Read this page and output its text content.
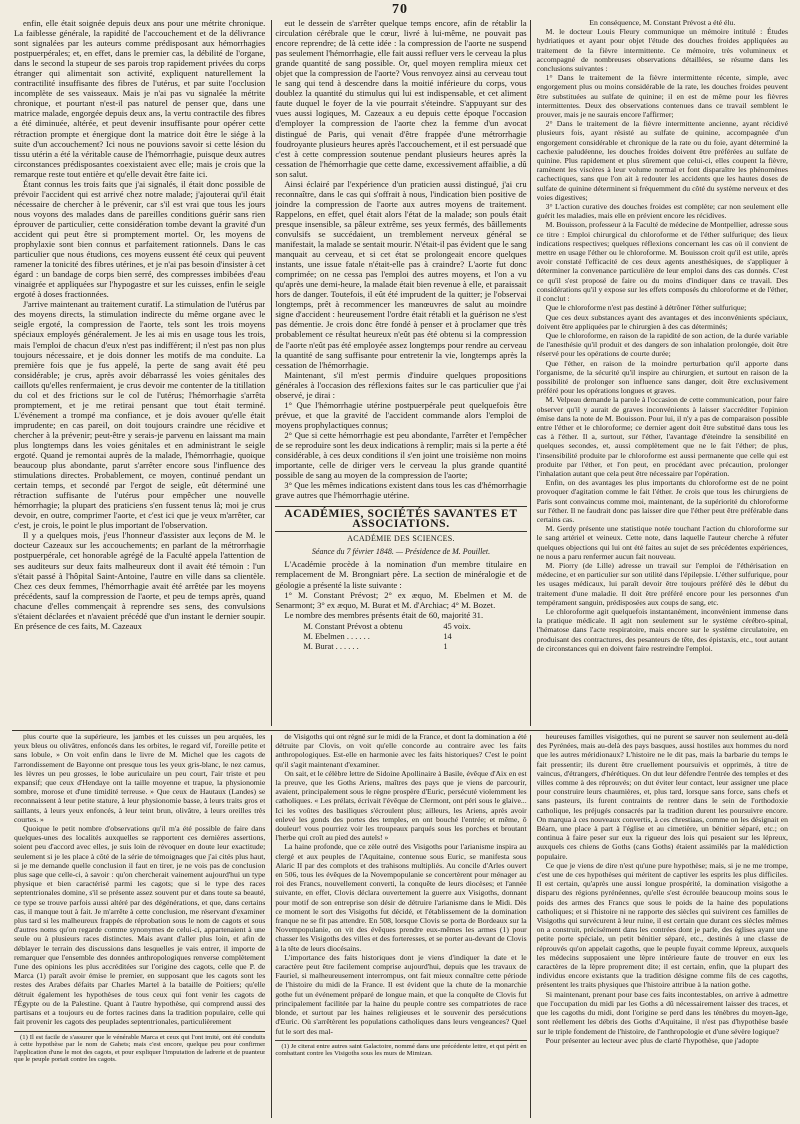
70

enfin, elle était soignée depuis deux ans pour une métrite chronique. La faiblesse générale, la rapidité de l'accouchement et de la délivrance sont signalées par les auteurs comme prédisposant aux hémorrhagies postpuerpérales; et, en effet, dans le premier cas, la débilité de l'organe, dans le second la stupeur de ses parois trop rapidement privées du corps étranger qui alimentait son activité, expliquent naturellement la contractilité insuffisante des fibres de l'utérus, et par suite l'occlusion incomplète de ses vaisseaux. Mais je n'ai pas vu signalée la métrite chronique, et pourtant n'est-il pas naturel de penser que, dans une matrice malade, engorgée depuis deux ans, la vertu contractile des fibres a été diminuée, altérée, et peut devenir insuffisante pour opérer cette rétraction prompte et énergique dont la matrice doit être le siége à la suite d'un accouchement? Ici nous ne pouvions savoir si cette lésion du tissu utérin a été la véritable cause de l'hémorrhagie, puisque deux autres circonstances prédisposantes coexistaient avec elle; mais je crois que la remarque reste tout entière et qu'elle devait être faite ici.

Étant connus les trois faits que j'ai signalés, il était donc possible de prévoir l'accident qui est arrivé chez notre malade; j'ajouterai qu'il était nécessaire de chercher à le prévenir, car s'il est vrai que tous les jours nous voyons des malades dans de pareilles conditions guérir sans rien éprouver de particulier, cette considération tombe devant la gravité d'un accident qui peut être si promptement mortel. Or, les moyens de prophylaxie sont bien connus et parfaitement rationnels. Dans le cas particulier que nous étudions, ces moyens eussent été ceux qui peuvent ramener la tonicité des fibres utérines, et je n'ai pas besoin d'insister à cet égard : un bandage de corps bien serré, des compresses imbibées d'eau vinaigrée et appliquées sur l'hypogastre et sur les cuisses, enfin le seigle ergoté à doses fractionnées.

J'arrive maintenant au traitement curatif. La stimulation de l'utérus par des moyens directs, la stimulation indirecte du même organe avec le seigle ergoté, la compression de l'aorte, tels sont les trois moyens spéciaux employés généralement. Je les ai mis en usage tous les trois, mais l'emploi de chacun d'eux n'est pas indifférent; il n'est pas non plus toujours nécessaire, et je dois donner les motifs de ma conduite. La première fois que je fus appelé, la perte de sang avait été peu considérable; je crus, après avoir débarrassé les voies génitales des caillots qu'elles renfermaient, je crus devoir me contenter de la titillation du col et des frictions sur le col de l'utérus; l'hémorrhagie s'arrêta promptement, et je me retirai pensant que tout était terminé. L'événement a trompé ma confiance, et je dois avouer qu'elle était imprudente; en cas pareil, on doit toujours craindre une récidive et chercher à la prévenir; peut-être y serais-je parvenu en laissant ma main plus longtemps dans les voies génitales et en administrant le seigle ergoté. Quand je remontai auprès de la malade, l'hémorrhagie, quoique beaucoup plus abondante, parut s'arrêter encore sous l'influence des stimulations directes. Probablement, ce moyen, continué pendant un certain temps, et secondé par l'ergot de seigle, eût déterminé une rétraction suffisante de l'utérus pour empêcher une nouvelle hémorrhagie; la plupart des praticiens s'en fussent tenus là; moi je crus devoir, en outre, comprimer l'aorte, et c'est ici que je veux m'arrêter, car c'est, je crois, le point le plus important de l'observation.

Il y a quelques mois, j'eus l'honneur d'assister aux leçons de M. le docteur Cazeaux sur les accouchements; en parlant de la métrorrhagie postpuerpérale, cet honorable agrégé de la Faculté appela l'attention de ses auditeurs sur deux faits malheureux dont il avait été témoin : l'un s'était passé à l'hôpital Saint-Antoine, l'autre en ville dans sa clientèle. Chez ces deux femmes, l'hémorrhagie avait été arrêtée par les moyens précédents, sauf la compression de l'aorte, et peu de temps après, quand chacune d'elles commençait à reprendre ses sens, des convulsions s'étaient déclarées et n'avaient précédé que d'un instant le dernier soupir. En présence de ces faits, M. Cazeaux

eut le dessein de s'arrêter quelque temps encore, afin de rétablir la circulation cérébrale que le cœur, livré à lui-même, ne pouvait pas encore reprendre; de là cette idée : la compression de l'aorte ne suspend pas seulement l'hémorrhagie, elle fait aussi refluer vers le cerveau la plus grande quantité de sang possible. Or, quel moyen remplira mieux cet objet que la compression de l'aorte? Vous renvoyez ainsi au cerveau tout le sang qui tend à descendre dans la moitié inférieure du corps, vous doublez la quantité du stimulus qui lui est indispensable, et cet aliment faute duquel le foyer de la vie pourrait s'éteindre. S'appuyant sur des vues aussi logiques, M. Cazeaux a eu depuis cette époque l'occasion d'employer la compression de l'aorte chez la femme d'un avocat distingué de Paris, qui venait d'être frappée d'une métrorrhagie foudroyante plusieurs heures après l'accouchement, et il est persuadé que c'est à cette compression soutenue pendant plusieurs heures après la cessation de l'hémorrhagie que cette dame, excessivement affaiblie, a dû son salut.

Ainsi éclairé par l'expérience d'un praticien aussi distingué, j'ai cru reconnaître, dans le cas qui s'offrait à nous, l'indication bien positive de joindre la compression de l'aorte aux autres moyens de traitement. Rappelons, en effet, quel était alors l'état de la malade; son pouls était presque insensible, sa pâleur extrême, ses yeux fermés, des bâillements convulsifs se succédaient, un tremblement nerveux général se manifestait, la malade se sentait mourir. N'était-il pas évident que le sang manquait au cerveau, et si cet état se prolongeait encore quelques instants, une issue fatale n'était-elle pas à craindre? L'aorte fut donc comprimée; on ne cessa pas l'emploi des autres moyens, et l'on a vu qu'après une demi-heure, la malade était bien revenue à elle, et paraissait hors de danger. Toutefois, il eût été imprudent de la quitter; je l'observai longtemps, prêt à recommencer les manœuvres de salut au moindre signe d'accident : heureusement l'ordre était rétabli et la guérison ne s'est pas démentie. Je crois donc être fondé à penser et à proclamer que très probablement ce résultat heureux n'eût pas été obtenu si la compression de l'aorte n'eût pas été employée assez longtemps pour rendre au cerveau la quantité de sang suffisante pour entretenir la vie, longtemps après la cessation de l'hémorrhagie.

Maintenant, s'il m'est permis d'induire quelques propositions générales à l'occasion des réflexions faites sur le cas particulier que j'ai observé, je dirai :

1° Que l'hémorrhagie utérine postpuerpérale peut quelquefois être prévue, et que la gravité de l'accident commande alors l'emploi de moyens prophylactiques connus;

2° Que si cette hémorrhagie est peu abondante, l'arrêter et l'empêcher de se reproduire sont les deux indications à remplir; mais si la perte a été considérable, à ces deux conditions il s'en joint une troisième non moins importante, celle de diriger vers le cerveau la plus grande quantité possible de sang au moyen de la compression de l'aorte;

3° Que les mêmes indications existent dans tous les cas d'hémorrhagie grave autres que l'hémorrhagie utérine.

ACADÉMIES, SOCIÉTÉS SAVANTES ET ASSOCIATIONS.
ACADÉMIE DES SCIENCES.
Séance du 7 février 1848. — Présidence de M. Pouillet.

L'Académie procède à la nomination d'un membre titulaire en remplacement de M. Brongniart père. La section de minéralogie et de géologie a présenté la liste suivante :

1° M. Constant Prévost; 2° ex æquo, M. Ebelmen et M. de Senarmont; 3° ex æquo, M. Burat et M. d'Archiac; 4° M. Bozet.

Le nombre des membres présents était de 60, majorité 31.

M. Constant Prévost a obtenu	45 voix.
M. Ebelmen . . . . . .	14
M. Burat . . . . . .	1

En conséquence, M. Constant Prévost a été élu.

M. le docteur Louis Fleury communique un mémoire intitulé : Études hydriatiques et ayant pour objet l'étude des douches froides appliquées au traitement de la fièvre intermittente. Ce mémoire, très volumineux et accompagné de nombreuses observations détaillées, se résume dans les conclusions suivantes :

1° Dans le traitement de la fièvre intermittente récente, simple, avec engorgement plus ou moins considérable de la rate, les douches froides peuvent être substituées au sulfate de quinine; il en est de même pour les fièvres intermittentes. Deux des observations contenues dans ce travail semblent le prouver, mais je ne saurais encore l'affirmer;

2° Dans le traitement de la fièvre intermittente ancienne, ayant récidivé plusieurs fois, ayant résisté au sulfate de quinine, accompagnée d'un engorgement considérable et chronique de la rate ou du foie, ayant déterminé la cachexie paludéenne, les douches froides doivent être préférées au sulfate de quinine. Plus rapidement et plus sûrement que celui-ci, elles coupent la fièvre, ramènent les viscères à leur volume normal et font disparaître les phénomènes cachectiques, sans que l'on ait à redouter les accidents que les hautes doses de sulfate de quinine déterminent si fréquemment du côté du système nerveux et des voies digestives;

3° L'action curative des douches froides est complète; car non seulement elle guérit les maladies, mais elle en prévient encore les récidives.

M. Bouisson, professeur à la Faculté de médecine de Montpellier, adresse sous ce titre : Emploi chirurgical du chloroforme et de l'éther sulfurique; des lieux indications respectives; quelques réflexions concernant les cas où il convient de mettre en usage l'éther ou le chloroforme. M. Bouisson croit qu'il est utile, après avoir constaté l'efficacité de ces deux agents anesthésiques, de s'appliquer à déterminer la convenance particulière de leur emploi dans des cas donnés. C'est ce qu'il s'est proposé de faire ou du moins d'indiquer dans ce travail. Des considérations qu'il y expose sur les effets composés du chloroforme et de l'éther, il conclut :

Que le chloroforme n'est pas destiné à détrôner l'éther sulfurique;

Que ces deux substances ayant des avantages et des inconvénients spéciaux, doivent être appliquées par le chirurgien à des cas déterminés;

Que le chloroforme, en raison de la rapidité de son action, de la durée variable de l'anesthésie qu'il produit et des dangers de son inhalation prolongée, doit être réservé pour les opérations de courte durée;

Que l'éther, en raison de la moindre perturbation qu'il apporte dans l'organisme, de la sécurité qu'il inspire au chirurgien, et surtout en raison de la possibilité de prolonger son influence sans danger, doit être exclusivement préféré pour les opérations longues et graves.

M. Velpeau demande la parole à l'occasion de cette communication, pour faire observer qu'il y aurait de graves inconvénients à laisser s'accréditer l'opinion émise dans la note de M. Bouisson. Pour lui, il n'y a pas de comparaison possible entre l'éther et le chloroforme; ce dernier agent doit être substitué dans tous les cas à l'éther. Il a, surtout, sur l'éther, l'avantage d'éteindre la sensibilité en quelques secondes, et, aussi complètement que ne le fait l'éther; de plus, l'insensibilité produite par le chloroforme est aussi permanente que celle qui est produite par l'éther, et l'on peut, en procédant avec précaution, prolonger l'inhalation autant que cela peut être nécessaire par l'opération.

Enfin, on des avantages les plus importants du chloroforme est de ne point provoquer d'agitation comme le fait l'éther. Je crois que tous les chirurgiens de Paris sont convaincus comme moi, maintenant, de la supériorité du chloroforme sur l'éther. Il ne faudrait donc pas laisser dire que l'éther peut être préférable dans certains cas.

M. Gerdy présente une statistique notée touchant l'action du chloroforme sur le sang artériel et veineux. Cette note, dans laquelle l'auteur cherche à réfuter quelques objections qui lui ont été faites au sujet de ses précédentes expériences, ne nous a paru renfermer aucun fait nouveau.

M. Piorry (de Lille) adresse un travail sur l'emploi de l'éthérisation en médecine, et en particulier sur son utilité dans l'épilepsie. L'éther sulfurique, pour les usages médicaux, lui paraît devoir être toujours préféré dès le début du traitement d'une maladie. Il doit être préféré encore pour les personnes d'un tempérament sanguin, prédisposées aux coups de sang, etc.

Le chloroforme agit quelquefois instantanément, inconvénient immense dans la pratique médicale. Il agit non seulement sur le système cérébro-spinal, l'hématose dans l'acte respiratoire, mais encore sur le système circulatoire, en produisant des contractures, des pesanteurs de tête, des épistaxis, etc., tout autant de circonstances qui en doivent faire restreindre l'emploi.

plus courte que la supérieure, les jambes et les cuisses un peu arquées, les yeux bleus ou olivâtres, enfoncés dans les orbites, le regard vif, l'oreille petite et sans lobule, » On voit enfin dans le livre de M. Michel que les cagots de l'arrondissement de Bayonne ont presque tous les yeux gris-blanc, le nez camus, les lèvres un peu grosses, le lobe auriculaire un peu court, l'air triste et peu expansif; que ceux d'Hendaye ont la taille moyenne et trapue, la physionomie sombre, morose et d'une timidité terreuse. » Que ceux de Hautaux (Landes) se reconnaissent à leur petite stature, à leur physionomie basse, à leurs traits gros et saillants, à leurs yeux enfoncés, à leur teint brun, olivâtre, à leurs oreilles très courtes. »

Quoique le petit nombre d'observations qu'il m'a été possible de faire dans quelques-unes des localités auxquelles se rapportent ces dernières assertions, soient peu d'accord avec elles, je suis loin de révoquer en doute leur exactitude; seulement si je les place à côté de la série de témoignages que j'ai cités plus haut, si je me demande quelle conclusion il faut en tirer, je ne vois pas de conclusion plus sage que celle-ci, à savoir : qu'on chercherait vainement aujourd'hui un type physique et bien caractérisé parmi les cagots; que si le type des races septentrionales domine, s'il se présente assez souvent pur et dans toute sa beauté, ce type se trouve parfois aussi altéré par des dégénérations, et que, dans certains cas, il manque tout à fait. Je m'arrête à cette conclusion, me réservant d'examiner plus tard si les malheureux frappés de réprobation sous le nom de cagots et sous d'autres noms qu'on regarde comme synonymes de celui-ci, appartenaient à une seule ou à plusieurs races distinctes. Mais avant d'aller plus loin, et afin de déblayer le terrain des discussions dans lesquelles je vais entrer, il importe de remarquer que l'ensemble des données anthropologiques renverse complètement l'une des opinions les plus accréditées sur l'origine des cagots, celle que P. de Marca (1) paraît avoir émise le premier, en supposant que les cagots sont les restes des Arabes défaits par Charles Martel à la bataille de Poitiers; qu'elle détruit également les hypothèses de tous ceux qui font venir les cagots de l'Égypte ou de la Palestine. Quant à l'autre hypothèse, qui comprend aussi des partisans et a toujours eu de fortes racines dans la tradition populaire, celle qui fait provenir les cagots des peuplades septentrionales, particulièrement

(1) Il est facile de s'assurer que le vénérable Marca et ceux qui l'ont imité, ont été conduits à cette hypothèse par le nom de Gahets; mais c'est encore, quelque peu pour confirmer l'application d'une le mot des cagots, et pour expliquer l'imputation de ladrerie et de puanteur que le peuple portait contre les cagots.

de Visigoths qui ont régné sur le midi de la France, et dont la domination a été détruite par Clovis, on voit qu'elle concorde au contraire avec les faits anthropologiques. Est-elle en harmonie avec les faits historiques? C'est le point qu'il s'agit maintenant d'examiner.

On sait, et le célèbre lettre de Sidoine Apollinaire à Basile, évêque d'Aix en est la preuve, que les Goths Ariens, maîtres des pays que je viens de parcourir, avaient, principalement sous le règne prospère d'Euric, persécuté violemment les catholiques. « Les prélats, écrivait l'évêque de Clermont, ont péri sous le glaive... Ici les voûtes des basiliques s'écroulent plus; ailleurs, les Ariens, après avoir enlevé les gonds des portes des temples, en ont bouché l'entrée; et même, ô douleur! vous pourriez voir les troupeaux parqués sous les porches et broutant l'herbe qui croît au pied des autels! »

La haine profonde, que ce zèle outré des Visigoths pour l'arianisme inspira au clergé et aux peuples de l'Aquitaine, contenue sous Euric, se manifesta sous Alaric II par des complots et des trahisons multipliés. Au concile d'Arles ouvert en 506, tous les évêques de la Novempopulanie se concertèrent pour ménager au roi des Francs, nouvellement converti, la conquête de leurs diocèses; et l'année suivante, en effet, Clovis déclara ouvertement la guerre aux Visigoths, donnant pour motif de son entreprise son désir de détruire l'arianisme dans le Midi. Dès ce moment le sort des Visigoths fut décidé, et l'établissement de la domination franque ne se fit pas attendre. En 508, lorsque Clovis se porta de Bordeaux sur la Novempopulanie, on vit des évêques prendre eux-mêmes les armes (1) pour chasser les Visigoths des villes et des forteresses, et se porter au-devant de Clovis à la tête de leurs diocésains.

L'importance des faits historiques dont je viens d'indiquer la date et le caractère peut être facilement comprise aujourd'hui, depuis que les travaux de Fauriel, si malheureusement interrompus, ont fait mieux connaître cette période de l'histoire du midi de la France. Il est évident que la chute de la monarchie gothe fut un événement préparé de longue main, et que la conquête de Clovis fut principalement facilitée par la haine du peuple contre ses compatriotes de race blonde, et surtout par les haines religieuses et le souvenir des persécutions d'Euric. Où s'arrêtèrent les populations catholiques dans leurs vengeances? Quel fut le sort des mal-

(1) Je citerai entre autres saint Galactoire, nommé dans une précédente lettre, et qui périt en combattant contre les Visigoths sous les murs de Mimizan.

heureuses familles visigothes, qui ne purent se sauver non seulement au-delà des Pyrénées, mais au-delà des pays basques, aussi hostiles aux hommes du nord que les autres méridionaux? L'histoire ne le dit pas, mais la barbarie du temps le fait pressentir; ils durent être cruellement poursuivis et opprimés, à titre de vaincus, d'étrangers, d'hérétiques. On dut leur défendre l'entrée des temples et des villes comme à des réprouvés; on dut éviter leur contact, leur assigner une place pour construire leurs chaumières, et, plus tard, lorsque sans force, sans chefs et sans pasteurs, ils furent contraints de rentrer dans le sein de l'orthodoxie catholique, les préjugés consacrés par la tradition durent les poursuivre encore. On marqua à ces nouveaux convertis, à ces chrestiaas, comme on les désignait en Béarn, une place à part à l'église et au cimetière, un bénitier séparé, etc.; on continua à faire peser sur eux la rigueur des lois qui pesaient sur les lépreux, auxquels ces chiens de Goths (cans Goths) étaient assimilés par la malédiction populaire.

Ce que je viens de dire n'est qu'une pure hypothèse; mais, si je ne me trompe, c'est une de ces hypothèses qui méritent de captiver les esprits les plus difficiles. Il est certain, qu'après une aussi longue prospérité, la domination visigothe a disparu des régions pyrénéennes, qu'elle s'est écroulée beaucoup moins sous le poids des armes des Francs que sous le poids de la haine des populations catholiques; et si l'histoire ni ne rapporte des siècles qui suivirent ces familles de Visigoths qui survécurent à leur ruine, il est certain que durant ces siècles mêmes on a construit, précisément dans les contrées dont je parle, des églises ayant une petite porte spéciale, un petit bénitier séparé, etc., destinés à une classe de réprouvés qu'on appelait cagoths, que le peuple fuyait comme lépreux, auxquels les médecins supposaient une lèpre intérieure faute de trouver en eux les caractères de la lèpre proprement dite; il est certain, enfin, que la plupart des individus encore existants que la tradition désigne comme fils de ces cagoths, présentent les traits physiques que l'histoire attribue à la nation gothe.

Si maintenant, prenant pour base ces faits incontestables, on arrive à admettre que l'occupation du midi par les Goths a dû nécessairement laisser des traces, et que les cagoths du midi, dont l'origine se perd dans les ténèbres du moyen-âge, sont réellement les débris des Goths d'Aquitaine, il n'est pas d'hypothèse basée sur le triple fondement de l'histoire, de l'anthropologie et d'une sévère logique?

Pour présenter au lecteur avec plus de clarté l'hypothèse, que j'adopte
